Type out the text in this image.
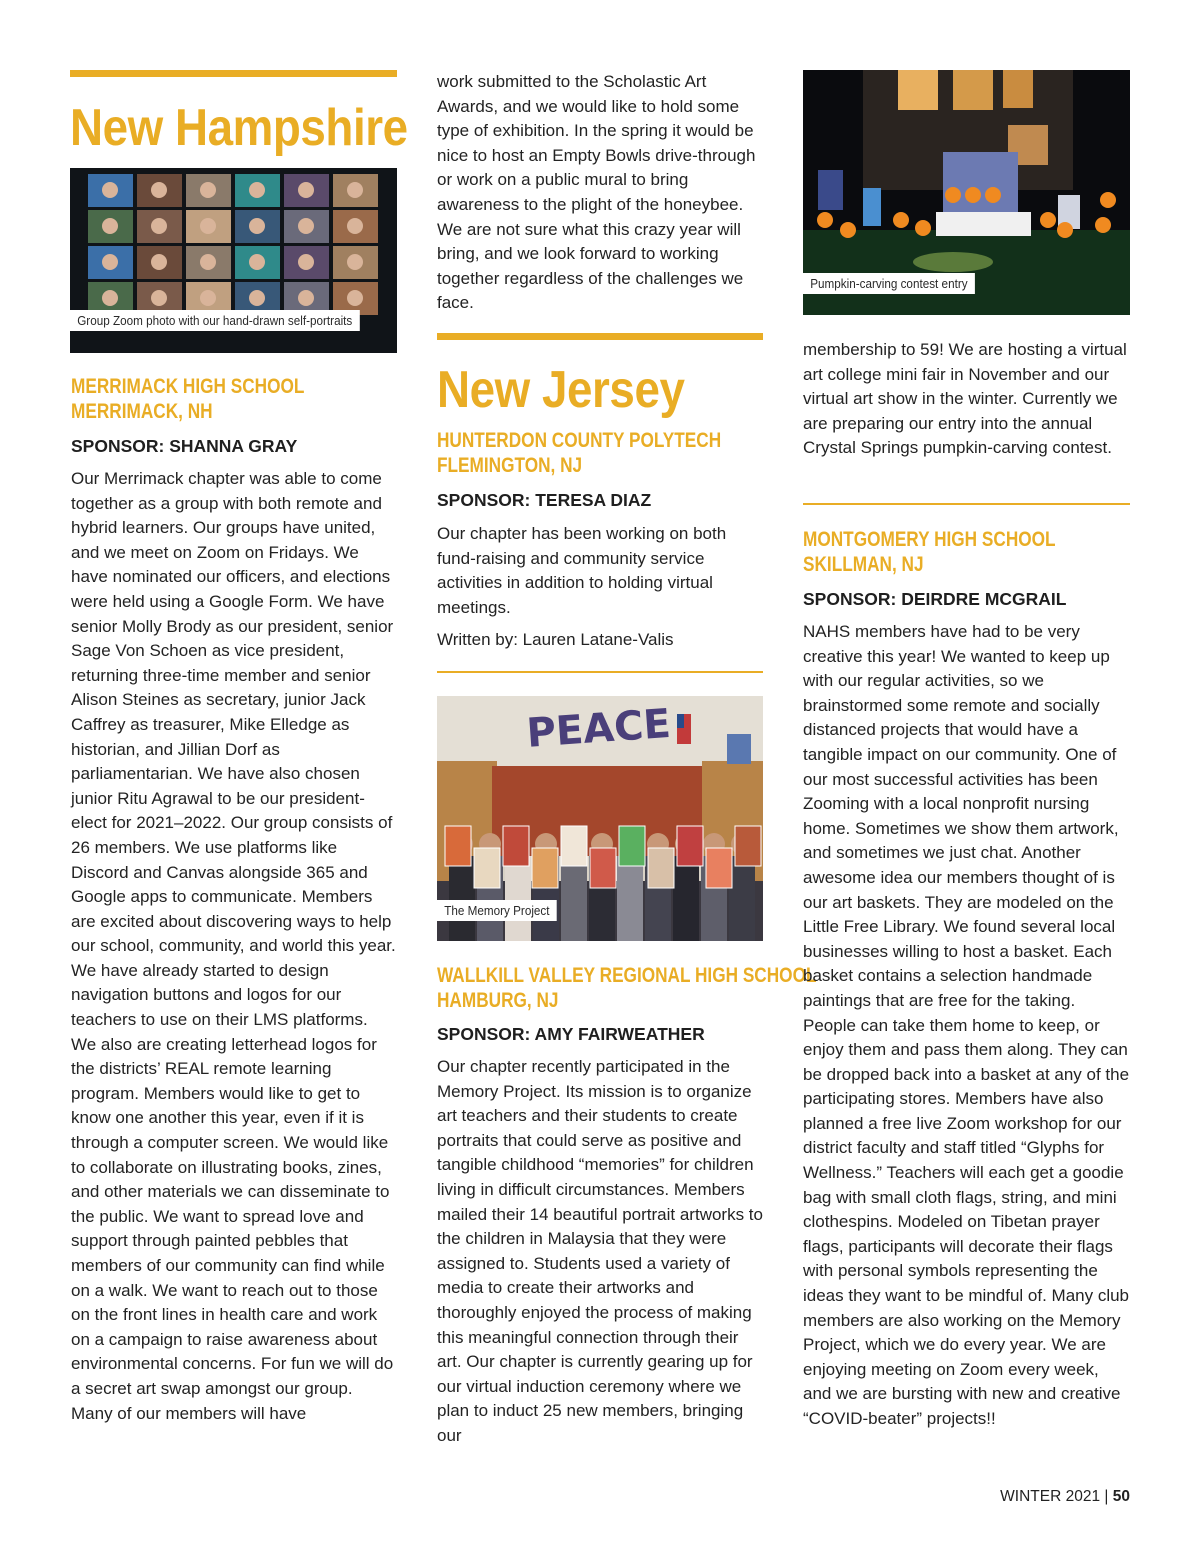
New Hampshire
Group Zoom photo with our hand-drawn self-portraits
MERRIMACK HIGH SCHOOL
MERRIMACK, NH
SPONSOR: SHANNA GRAY

Our Merrimack chapter was able to come together as a group with both remote and hybrid learners. Our groups have united, and we meet on Zoom on Fridays. We have nominated our officers, and elections were held using a Google Form. We have senior Molly Brody as our president, senior Sage Von Schoen as vice president, returning three-time member and senior Alison Steines as secretary, junior Jack Caffrey as treasurer, Mike Elledge as historian, and Jillian Dorf as parliamentarian. We have also chosen junior Ritu Agrawal to be our president-elect for 2021–2022. Our group consists of 26 members. We use platforms like Discord and Canvas alongside 365 and Google apps to communicate. Members are excited about discovering ways to help our school, community, and world this year. We have already started to design navigation buttons and logos for our teachers to use on their LMS platforms. We also are creating letterhead logos for the districts’ REAL remote learning program. Members would like to get to know one another this year, even if it is through a computer screen. We would like to collaborate on illustrating books, zines, and other materials we can disseminate to the public. We want to spread love and support through painted pebbles that members of our community can find while on a walk. We want to reach out to those on the front lines in health care and work on a campaign to raise awareness about environmental concerns. For fun we will do a secret art swap amongst our group. Many of our members will have

work submitted to the Scholastic Art Awards, and we would like to hold some type of exhibition. In the spring it would be nice to host an Empty Bowls drive-through or work on a public mural to bring awareness to the plight of the honeybee. We are not sure what this crazy year will bring, and we look forward to working together regardless of the challenges we face.

New Jersey
HUNTERDON COUNTY POLYTECH
FLEMINGTON, NJ
SPONSOR: TERESA DIAZ

Our chapter has been working on both fund-raising and community service activities in addition to holding virtual meetings.

Written by: Lauren Latane-Valis

PEACE
The Memory Project
WALLKILL VALLEY REGIONAL HIGH SCHOOL
HAMBURG, NJ
SPONSOR: AMY FAIRWEATHER

Our chapter recently participated in the Memory Project. Its mission is to organize art teachers and their students to create portraits that could serve as positive and tangible childhood “memories” for children living in difficult circumstances. Members mailed their 14 beautiful portrait artworks to the children in Malaysia that they were assigned to. Students used a variety of media to create their artworks and thoroughly enjoyed the process of making this meaningful connection through their art. Our chapter is currently gearing up for our virtual induction ceremony where we plan to induct 25 new members, bringing our

Pumpkin-carving contest entry

membership to 59! We are hosting a virtual art college mini fair in November and our virtual art show in the winter. Currently we are preparing our entry into the annual Crystal Springs pumpkin-carving contest.

MONTGOMERY HIGH SCHOOL
SKILLMAN, NJ
SPONSOR: DEIRDRE MCGRAIL

NAHS members have had to be very creative this year! We wanted to keep up with our regular activities, so we brainstormed some remote and socially distanced projects that would have a tangible impact on our community. One of our most successful activities has been Zooming with a local nonprofit nursing home. Sometimes we show them artwork, and sometimes we just chat. Another awesome idea our members thought of is our art baskets. They are modeled on the Little Free Library. We found several local businesses willing to host a basket. Each basket contains a selection handmade paintings that are free for the taking. People can take them home to keep, or enjoy them and pass them along. They can be dropped back into a basket at any of the participating stores. Members have also planned a free live Zoom workshop for our district faculty and staff titled “Glyphs for Wellness.” Teachers will each get a goodie bag with small cloth flags, string, and mini clothespins. Modeled on Tibetan prayer flags, participants will decorate their flags with personal symbols representing the ideas they want to be mindful of. Many club members are also working on the Memory Project, which we do every year. We are enjoying meeting on Zoom every week, and we are bursting with new and creative “COVID-beater” projects!!

WINTER 2021 | 50
